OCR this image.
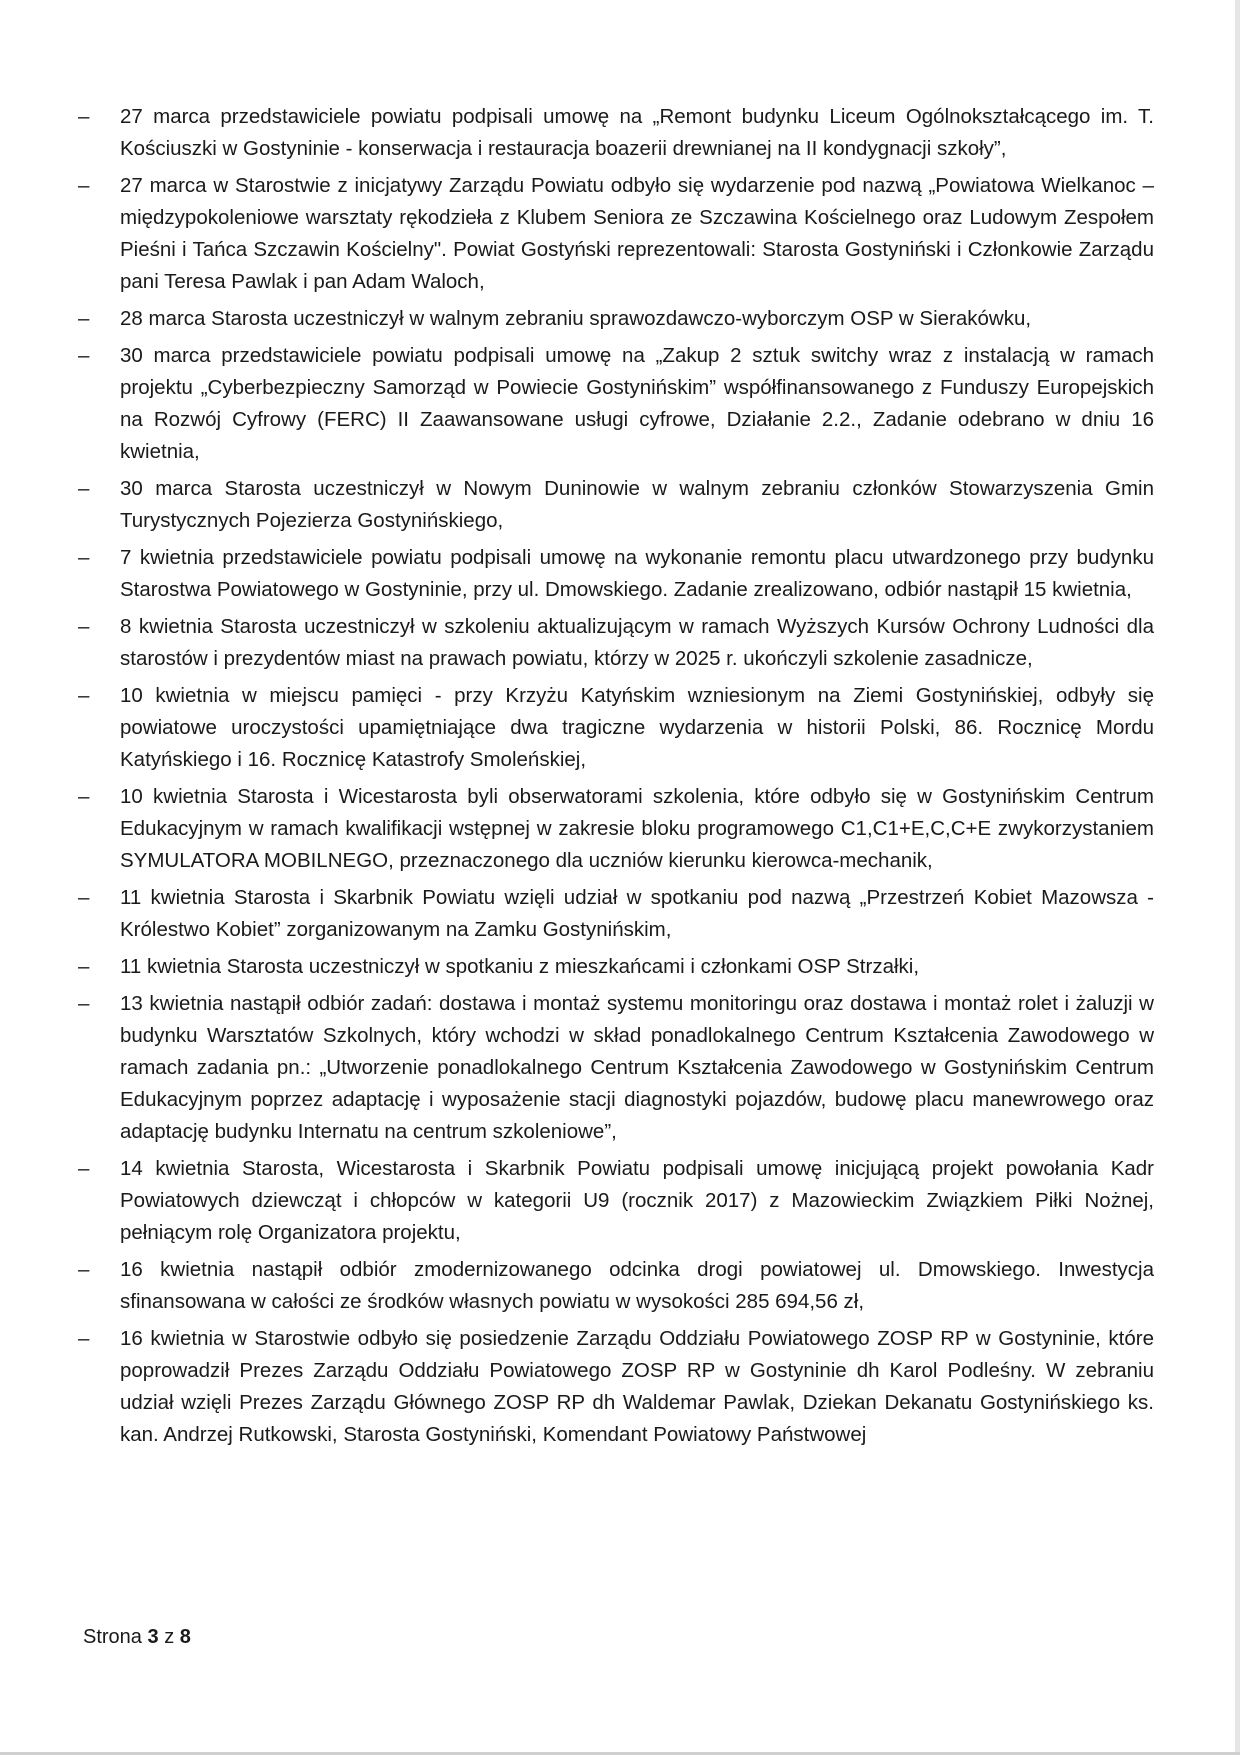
–	27 marca przedstawiciele powiatu podpisali umowę na „Remont budynku Liceum Ogólnokształcącego im. T. Kościuszki w Gostyninie - konserwacja i restauracja boazerii drewnianej na II kondygnacji szkoły”,
–	27 marca w Starostwie z inicjatywy Zarządu Powiatu odbyło się wydarzenie pod nazwą „Powiatowa Wielkanoc – międzypokoleniowe warsztaty rękodzieła z Klubem Seniora ze Szczawina Kościelnego oraz Ludowym Zespołem Pieśni i Tańca Szczawin Kościelny". Powiat Gostyński reprezentowali: Starosta Gostyniński i Członkowie Zarządu pani Teresa Pawlak i pan Adam Waloch,
–	28 marca Starosta uczestniczył w walnym zebraniu sprawozdawczo-wyborczym OSP w Sierakówku,
–	30 marca przedstawiciele powiatu podpisali umowę na „Zakup 2 sztuk switchy wraz z instalacją w ramach projektu „Cyberbezpieczny Samorząd w Powiecie Gostynińskim” współfinansowanego z Funduszy Europejskich na Rozwój Cyfrowy (FERC) II Zaawansowane usługi cyfrowe, Działanie 2.2., Zadanie odebrano w dniu 16 kwietnia,
–	30 marca Starosta uczestniczył w Nowym Duninowie w walnym zebraniu członków Stowarzyszenia Gmin Turystycznych Pojezierza Gostynińskiego,
–	7 kwietnia przedstawiciele powiatu podpisali umowę na wykonanie remontu placu utwardzonego przy budynku Starostwa Powiatowego w Gostyninie, przy ul. Dmowskiego. Zadanie zrealizowano, odbiór nastąpił 15 kwietnia,
–	8 kwietnia Starosta uczestniczył w szkoleniu aktualizującym w ramach Wyższych Kursów Ochrony Ludności dla starostów i prezydentów miast na prawach powiatu, którzy w 2025 r. ukończyli szkolenie zasadnicze,
–	10 kwietnia w miejscu pamięci - przy Krzyżu Katyńskim wzniesionym na Ziemi Gostynińskiej, odbyły się powiatowe uroczystości upamiętniające dwa tragiczne wydarzenia w historii Polski, 86. Rocznicę Mordu Katyńskiego i 16. Rocznicę Katastrofy Smoleńskiej,
–	10 kwietnia Starosta i Wicestarosta byli obserwatorami szkolenia, które odbyło się w Gostynińskim Centrum Edukacyjnym w ramach kwalifikacji wstępnej w zakresie bloku programowego C1,C1+E,C,C+E zwykorzystaniem SYMULATORA MOBILNEGO, przeznaczonego dla uczniów kierunku kierowca-mechanik,
–	11 kwietnia Starosta i Skarbnik Powiatu wzięli udział w spotkaniu pod nazwą „Przestrzeń Kobiet Mazowsza - Królestwo Kobiet” zorganizowanym na Zamku Gostynińskim,
–	11 kwietnia Starosta uczestniczył w spotkaniu z mieszkańcami i członkami OSP Strzałki,
–	13 kwietnia nastąpił odbiór zadań: dostawa i montaż systemu monitoringu oraz dostawa i montaż rolet i żaluzji w budynku Warsztatów Szkolnych, który wchodzi w skład ponadlokalnego Centrum Kształcenia Zawodowego w ramach zadania pn.: „Utworzenie ponadlokalnego Centrum Kształcenia Zawodowego w Gostynińskim Centrum Edukacyjnym poprzez adaptację i wyposażenie stacji diagnostyki pojazdów, budowę placu manewrowego oraz adaptację budynku Internatu na centrum szkoleniowe”,
–	14 kwietnia Starosta, Wicestarosta i Skarbnik Powiatu podpisali umowę inicjującą projekt powołania Kadr Powiatowych dziewcząt i chłopców w kategorii U9 (rocznik 2017) z Mazowieckim Związkiem Piłki Nożnej, pełniącym rolę Organizatora projektu,
–	16 kwietnia nastąpił odbiór zmodernizowanego odcinka drogi powiatowej ul. Dmowskiego. Inwestycja sfinansowana w całości ze środków własnych powiatu w wysokości 285 694,56 zł,
–	16 kwietnia w Starostwie odbyło się posiedzenie Zarządu Oddziału Powiatowego ZOSP RP w Gostyninie, które poprowadził Prezes Zarządu Oddziału Powiatowego ZOSP RP w Gostyninie dh Karol Podleśny. W zebraniu udział wzięli Prezes Zarządu Głównego ZOSP RP dh Waldemar Pawlak, Dziekan Dekanatu Gostynińskiego ks. kan. Andrzej Rutkowski, Starosta Gostyniński, Komendant Powiatowy Państwowej
Strona 3 z 8
